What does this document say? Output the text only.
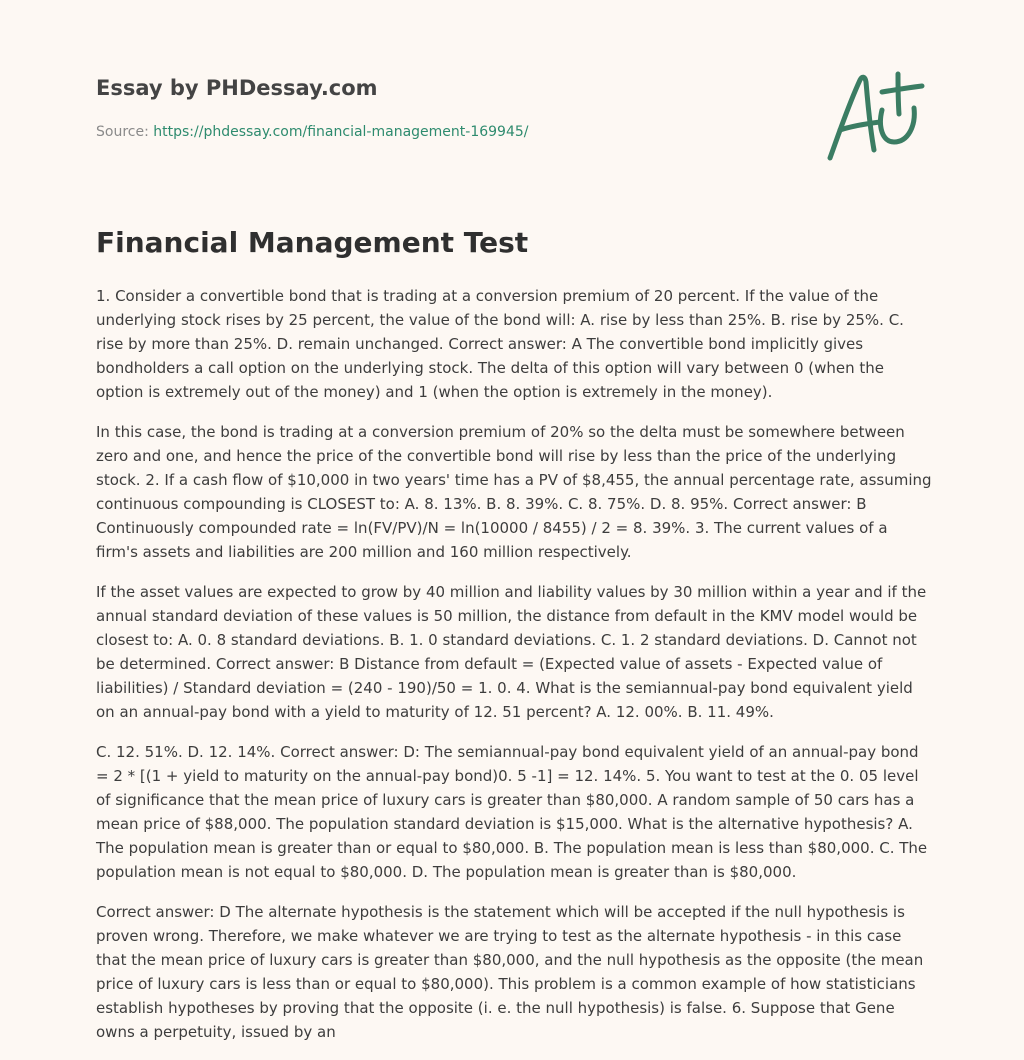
Essay by PHDessay.com
Source: https://phdessay.com/financial-management-169945/
Financial Management Test

1. Consider a convertible bond that is trading at a conversion premium of 20 percent. If the value of the underlying stock rises by 25 percent, the value of the bond will: A. rise by less than 25%. B. rise by 25%. C. rise by more than 25%. D. remain unchanged. Correct answer: A The convertible bond implicitly gives bondholders a call option on the underlying stock. The delta of this option will vary between 0 (when the option is extremely out of the money) and 1 (when the option is extremely in the money).

In this case, the bond is trading at a conversion premium of 20% so the delta must be somewhere between zero and one, and hence the price of the convertible bond will rise by less than the price of the underlying stock. 2. If a cash flow of $10,000 in two years' time has a PV of $8,455, the annual percentage rate, assuming continuous compounding is CLOSEST to: A. 8. 13%. B. 8. 39%. C. 8. 75%. D. 8. 95%. Correct answer: B Continuously compounded rate = ln(FV/PV)/N = ln(10000 / 8455) / 2 = 8. 39%. 3. The current values of a firm's assets and liabilities are 200 million and 160 million respectively.

If the asset values are expected to grow by 40 million and liability values by 30 million within a year and if the annual standard deviation of these values is 50 million, the distance from default in the KMV model would be closest to: A. 0. 8 standard deviations. B. 1. 0 standard deviations. C. 1. 2 standard deviations. D. Cannot not be determined. Correct answer: B Distance from default = (Expected value of assets - Expected value of liabilities) / Standard deviation = (240 - 190)/50 = 1. 0. 4. What is the semiannual-pay bond equivalent yield on an annual-pay bond with a yield to maturity of 12. 51 percent? A. 12. 00%. B. 11. 49%.

C. 12. 51%. D. 12. 14%. Correct answer: D: The semiannual-pay bond equivalent yield of an annual-pay bond = 2 * [(1 + yield to maturity on the annual-pay bond)0. 5 -1] = 12. 14%. 5. You want to test at the 0. 05 level of significance that the mean price of luxury cars is greater than $80,000. A random sample of 50 cars has a mean price of $88,000. The population standard deviation is $15,000. What is the alternative hypothesis? A. The population mean is greater than or equal to $80,000. B. The population mean is less than $80,000. C. The population mean is not equal to $80,000. D. The population mean is greater than is $80,000.

Correct answer: D The alternate hypothesis is the statement which will be accepted if the null hypothesis is proven wrong. Therefore, we make whatever we are trying to test as the alternate hypothesis - in this case that the mean price of luxury cars is greater than $80,000, and the null hypothesis as the opposite (the mean price of luxury cars is less than or equal to $80,000). This problem is a common example of how statisticians establish hypotheses by proving that the opposite (i. e. the null hypothesis) is false. 6. Suppose that Gene owns a perpetuity, issued by an
